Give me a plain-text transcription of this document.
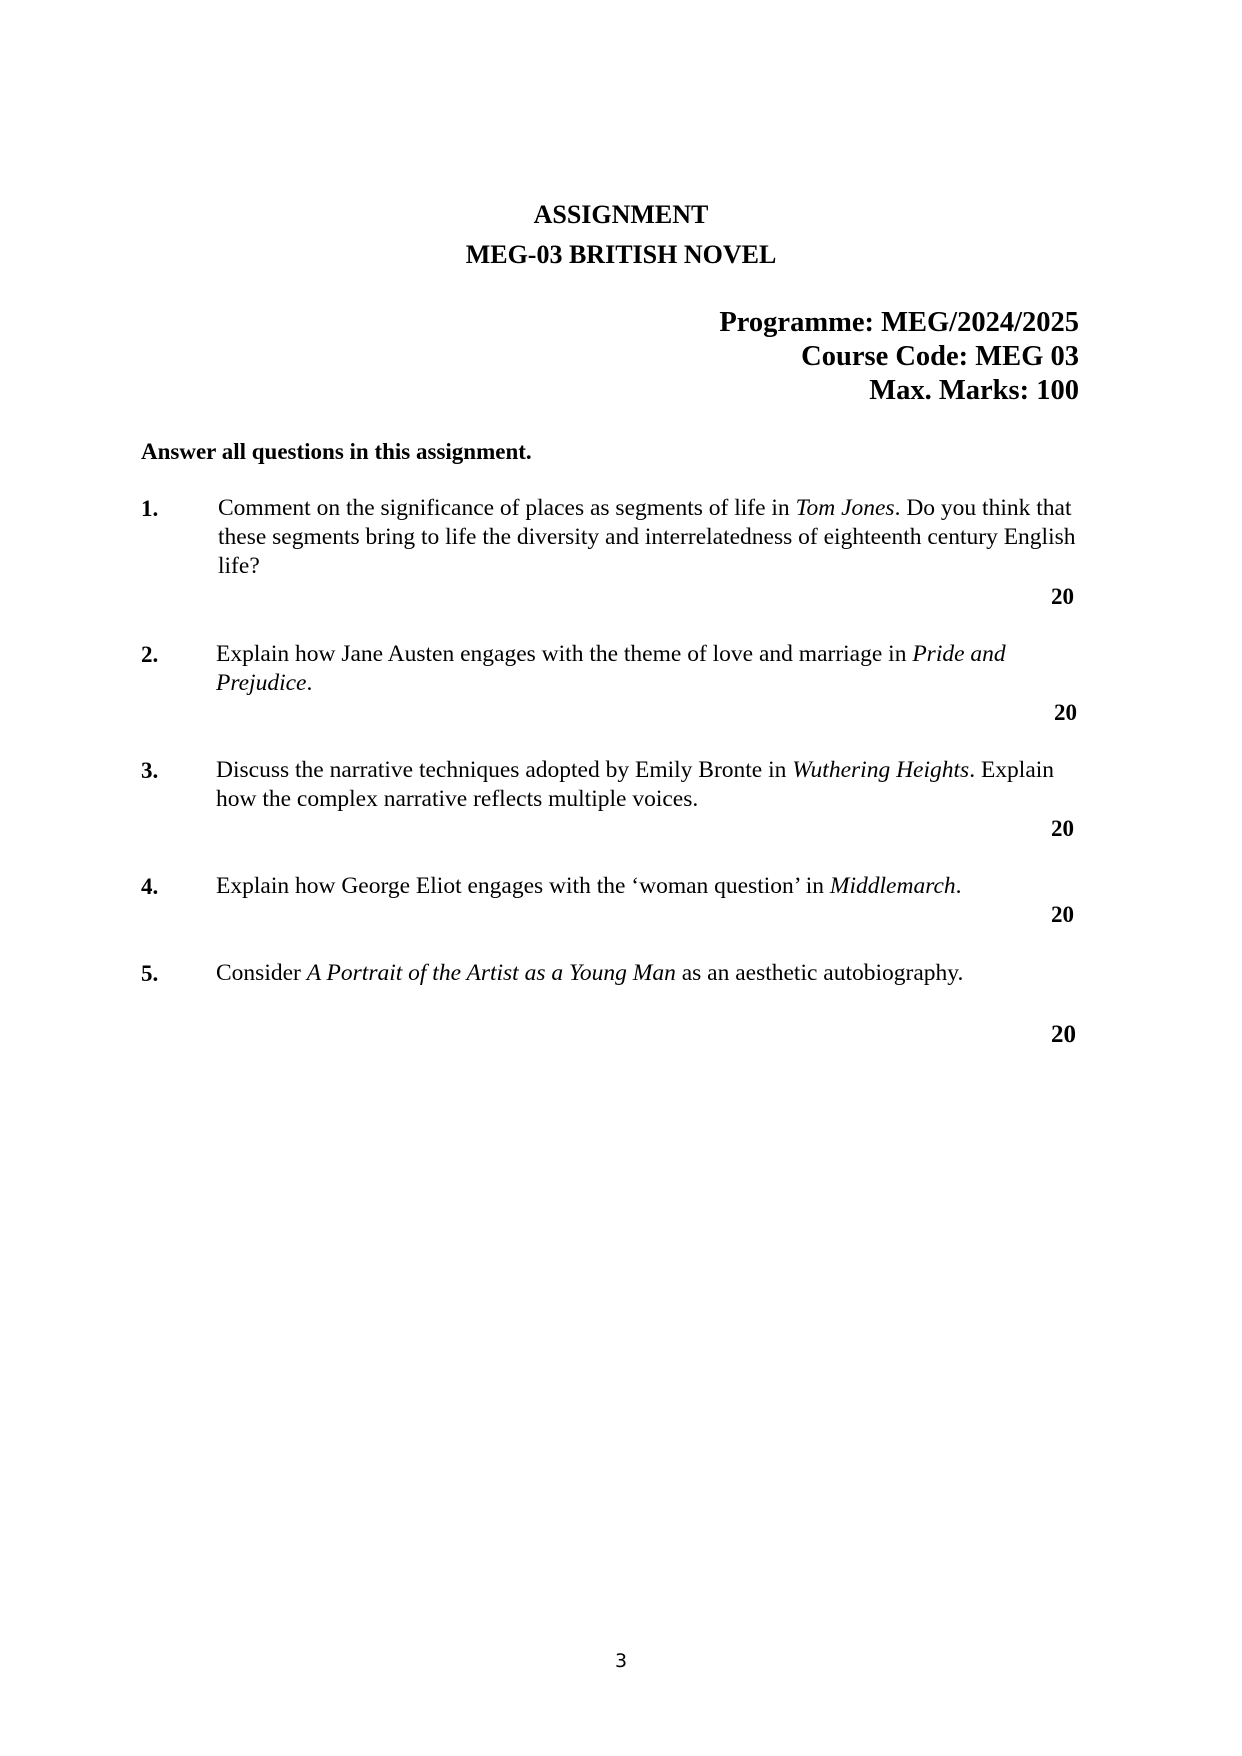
ASSIGNMENT
MEG-03 BRITISH NOVEL
Programme: MEG/2024/2025
Course Code: MEG 03
Max. Marks: 100
Answer all questions in this assignment.
1.	Comment on the significance of places as segments of life in Tom Jones. Do you think that these segments bring to life the diversity and interrelatedness of eighteenth century English life?
20
2. Explain how Jane Austen engages with the theme of love and marriage in Pride and Prejudice.
20
3. Discuss the narrative techniques adopted by Emily Bronte in Wuthering Heights. Explain how the complex narrative reflects multiple voices.
20
4. Explain how George Eliot engages with the ‘woman question’ in Middlemarch.
20
5. Consider A Portrait of the Artist as a Young Man as an aesthetic autobiography.
20
3
